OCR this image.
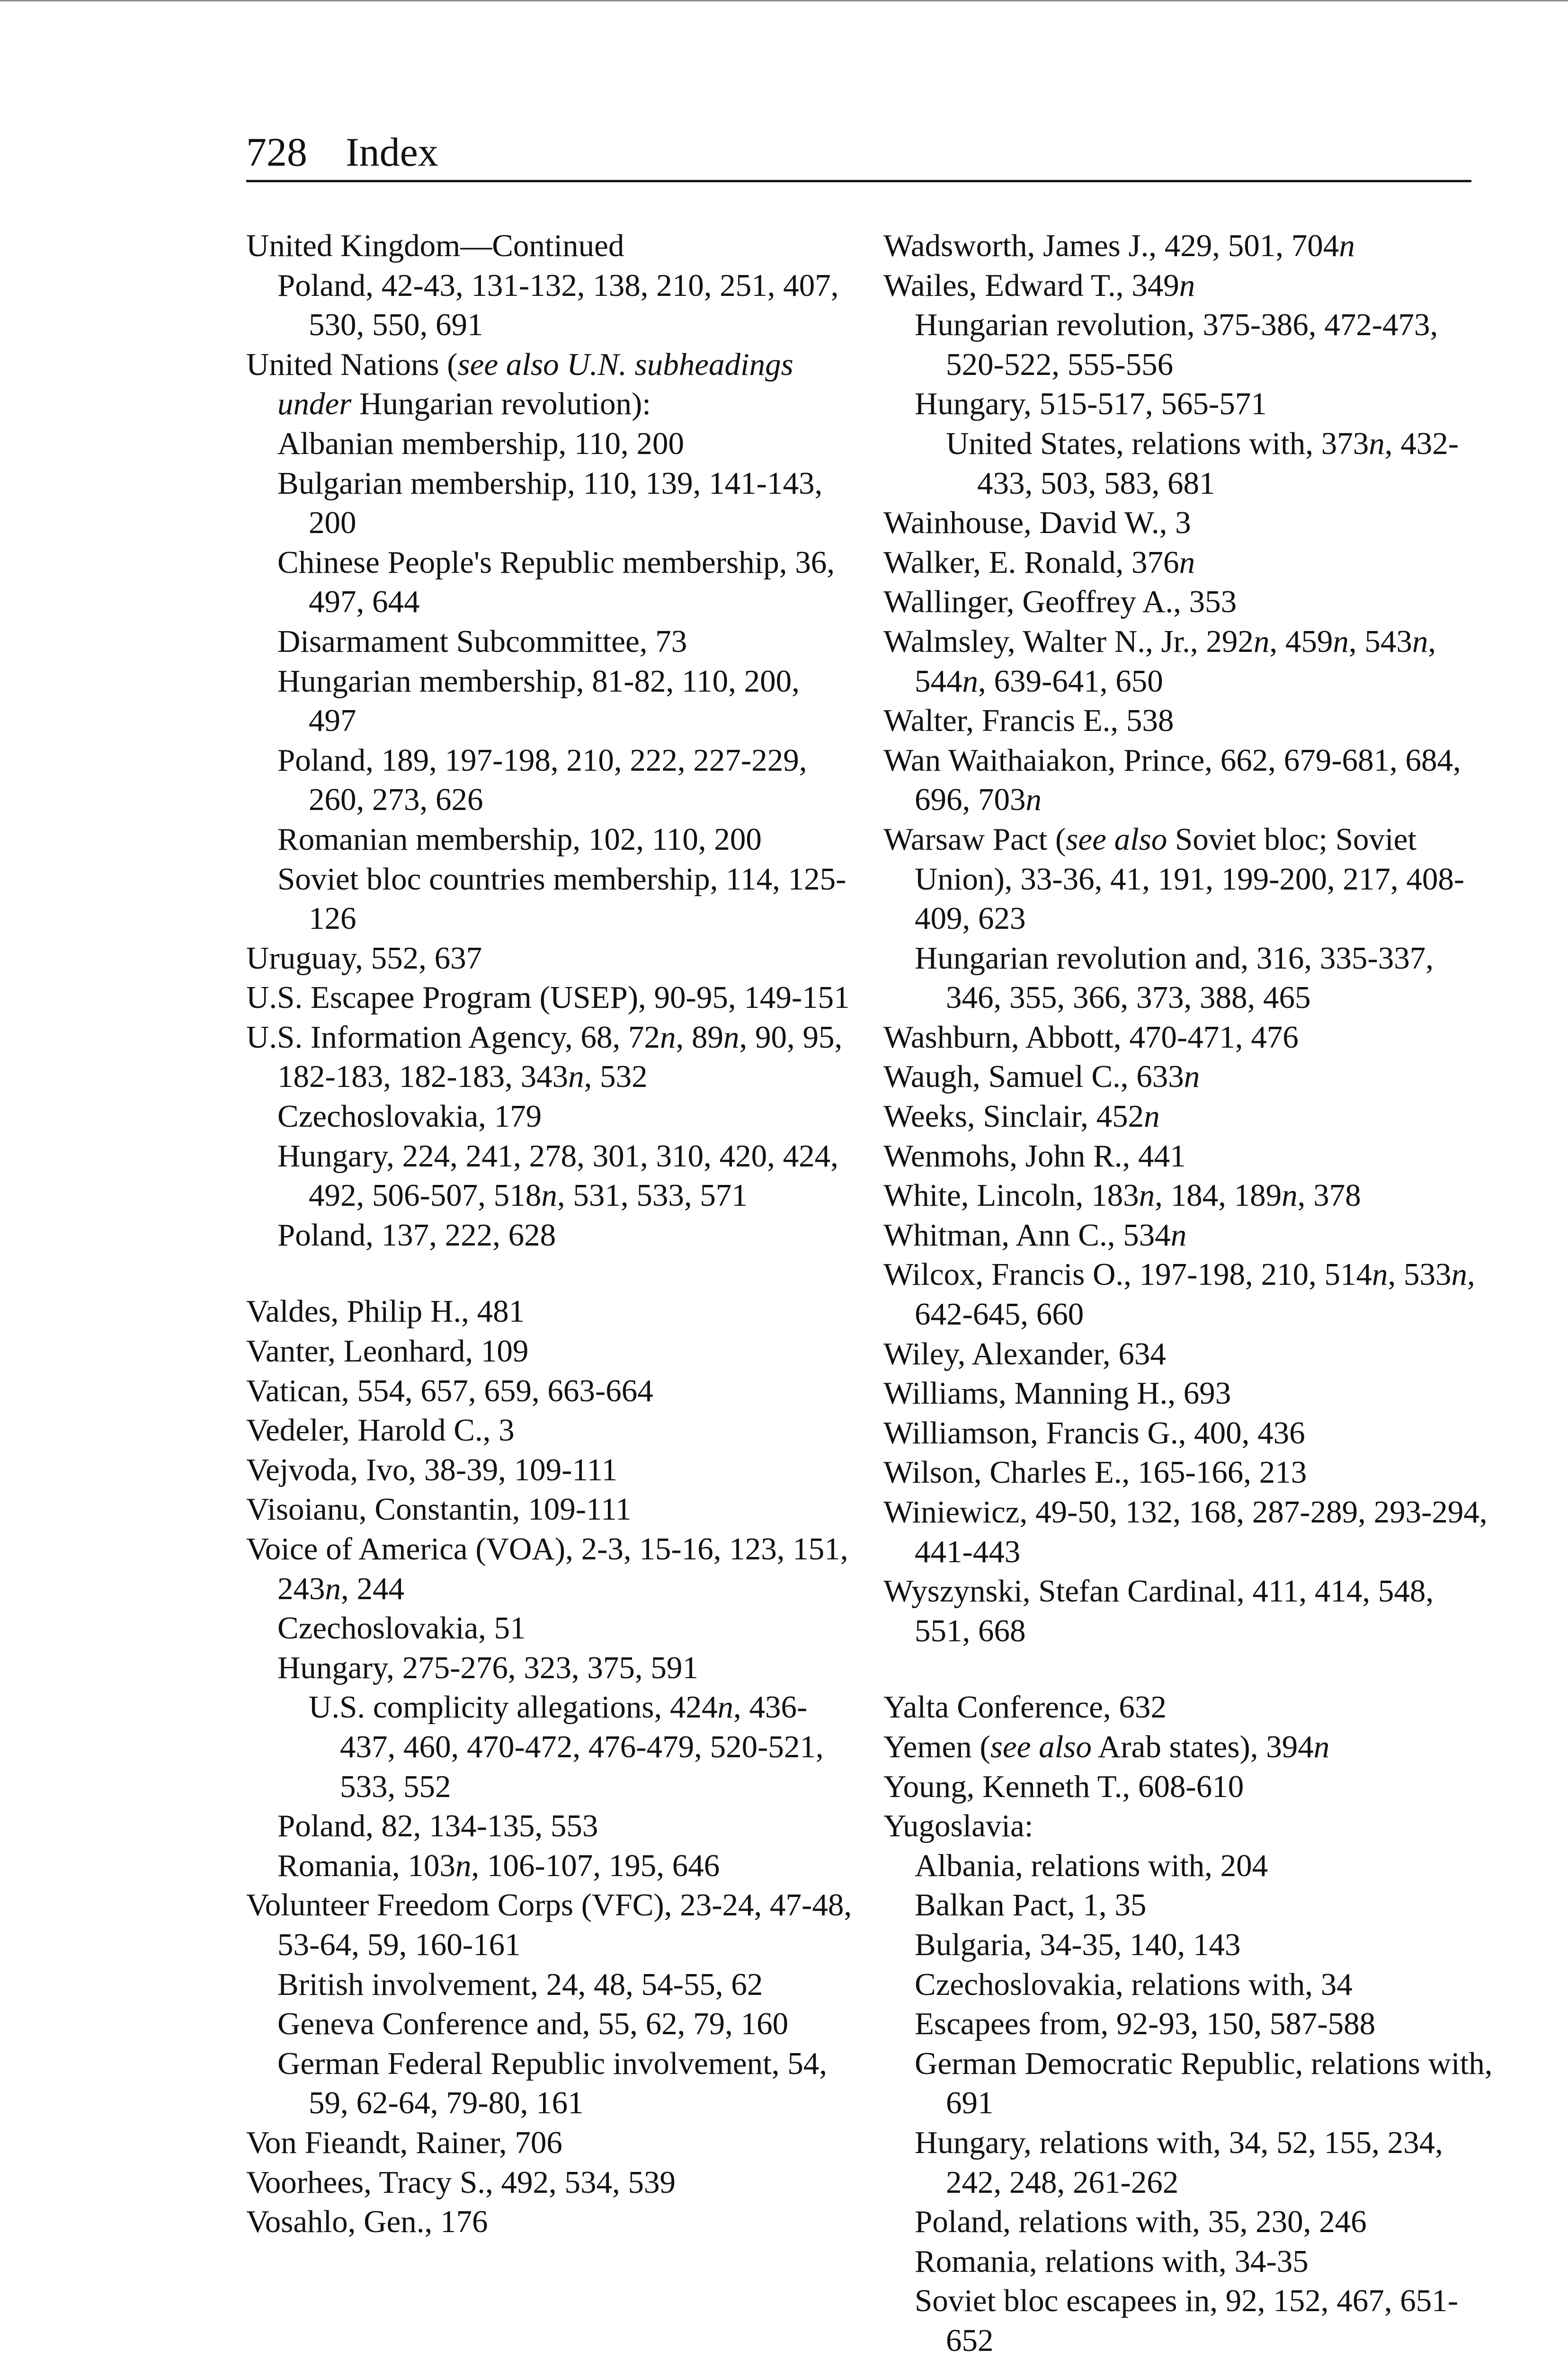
728 Index
United Kingdom—Continued
Poland, 42-43, 131-132, 138, 210, 251, 407, 530, 550, 691
United Nations (see also U.N. subheadings under Hungarian revolution):
Albanian membership, 110, 200
Bulgarian membership, 110, 139, 141-143, 200
Chinese People's Republic membership, 36, 497, 644
Disarmament Subcommittee, 73
Hungarian membership, 81-82, 110, 200, 497
Poland, 189, 197-198, 210, 222, 227-229, 260, 273, 626
Romanian membership, 102, 110, 200
Soviet bloc countries membership, 114, 125-126
Uruguay, 552, 637
U.S. Escapee Program (USEP), 90-95, 149-151
U.S. Information Agency, 68, 72n, 89n, 90, 95, 182-183, 182-183, 343n, 532
Czechoslovakia, 179
Hungary, 224, 241, 278, 301, 310, 420, 424, 492, 506-507, 518n, 531, 533, 571
Poland, 137, 222, 628
Valdes, Philip H., 481
Vanter, Leonhard, 109
Vatican, 554, 657, 659, 663-664
Vedeler, Harold C., 3
Vejvoda, Ivo, 38-39, 109-111
Visoianu, Constantin, 109-111
Voice of America (VOA), 2-3, 15-16, 123, 151, 243n, 244
Czechoslovakia, 51
Hungary, 275-276, 323, 375, 591
U.S. complicity allegations, 424n, 436-437, 460, 470-472, 476-479, 520-521, 533, 552
Poland, 82, 134-135, 553
Romania, 103n, 106-107, 195, 646
Volunteer Freedom Corps (VFC), 23-24, 47-48, 53-64, 59, 160-161
British involvement, 24, 48, 54-55, 62
Geneva Conference and, 55, 62, 79, 160
German Federal Republic involvement, 54, 59, 62-64, 79-80, 161
Von Fieandt, Rainer, 706
Voorhees, Tracy S., 492, 534, 539
Vosahlo, Gen., 176
Wadsworth, James J., 429, 501, 704n
Wailes, Edward T., 349n
Hungarian revolution, 375-386, 472-473, 520-522, 555-556
Hungary, 515-517, 565-571
United States, relations with, 373n, 432-433, 503, 583, 681
Wainhouse, David W., 3
Walker, E. Ronald, 376n
Wallinger, Geoffrey A., 353
Walmsley, Walter N., Jr., 292n, 459n, 543n, 544n, 639-641, 650
Walter, Francis E., 538
Wan Waithaiakon, Prince, 662, 679-681, 684, 696, 703n
Warsaw Pact (see also Soviet bloc; Soviet Union), 33-36, 41, 191, 199-200, 217, 408-409, 623
Hungarian revolution and, 316, 335-337, 346, 355, 366, 373, 388, 465
Washburn, Abbott, 470-471, 476
Waugh, Samuel C., 633n
Weeks, Sinclair, 452n
Wenmohs, John R., 441
White, Lincoln, 183n, 184, 189n, 378
Whitman, Ann C., 534n
Wilcox, Francis O., 197-198, 210, 514n, 533n, 642-645, 660
Wiley, Alexander, 634
Williams, Manning H., 693
Williamson, Francis G., 400, 436
Wilson, Charles E., 165-166, 213
Winiewicz, 49-50, 132, 168, 287-289, 293-294, 441-443
Wyszynski, Stefan Cardinal, 411, 414, 548, 551, 668
Yalta Conference, 632
Yemen (see also Arab states), 394n
Young, Kenneth T., 608-610
Yugoslavia:
Albania, relations with, 204
Balkan Pact, 1, 35
Bulgaria, 34-35, 140, 143
Czechoslovakia, relations with, 34
Escapees from, 92-93, 150, 587-588
German Democratic Republic, relations with, 691
Hungary, relations with, 34, 52, 155, 234, 242, 248, 261-262
Poland, relations with, 35, 230, 246
Romania, relations with, 34-35
Soviet bloc escapees in, 92, 152, 467, 651-652
